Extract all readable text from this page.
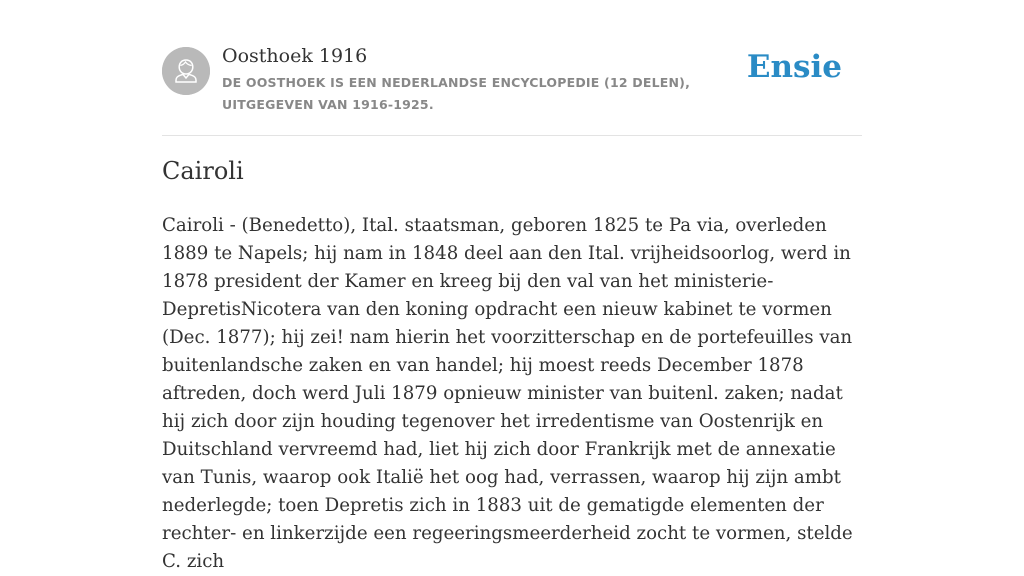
Oosthoek 1916

DE OOSTHOEK IS EEN NEDERLANDSE ENCYCLOPEDIE (12 DELEN), UITGEGEVEN VAN 1916-1925.

Ensie
Cairoli

Cairoli - (Benedetto), Ital. staatsman, geboren 1825 te Pa via, overleden 1889 te Napels; hij nam in 1848 deel aan den Ital. vrijheidsoorlog, werd in 1878 president der Kamer en kreeg bij den val van het ministerie-DepretisNicotera van den koning opdracht een nieuw kabinet te vormen (Dec. 1877); hij zei! nam hierin het voorzitterschap en de portefeuilles van buitenlandsche zaken en van handel; hij moest reeds December 1878 aftreden, doch werd Juli 1879 opnieuw minister van buitenl. zaken; nadat hij zich door zijn houding tegenover het irredentisme van Oostenrijk en Duitschland vervreemd had, liet hij zich door Frankrijk met de annexatie van Tunis, waarop ook Italië het oog had, verrassen, waarop hij zijn ambt nederlegde; toen Depretis zich in 1883 uit de gematigde elementen der rechter- en linkerzijde een regeeringsmeerderheid zocht te vormen, stelde C. zich
